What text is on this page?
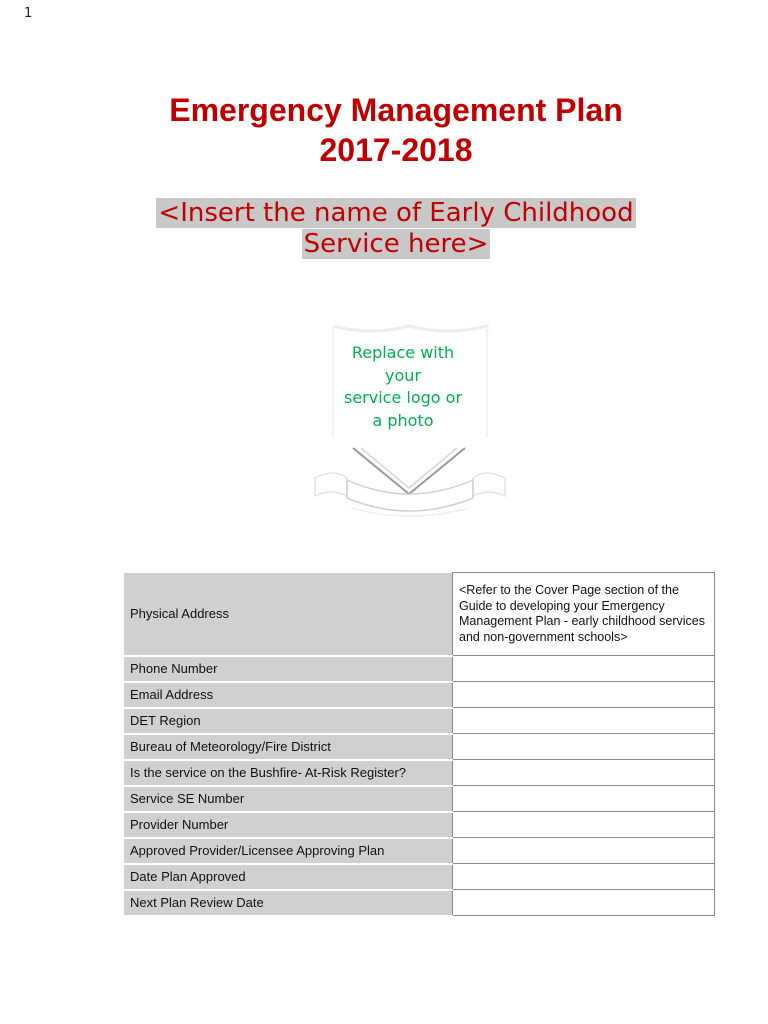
1
Emergency Management Plan
2017-2018
<Insert the name of Early Childhood
Service here>
Replace with
your
service logo or
a photo
Physical Address	<Refer to the Cover Page section of the Guide to developing your Emergency Management Plan - early childhood services and non-government schools>
Phone Number	
Email Address	
DET Region	
Bureau of Meteorology/Fire District	
Is the service on the Bushfire- At-Risk Register?	
Service SE Number	
Provider Number	
Approved Provider/Licensee Approving Plan	
Date Plan Approved	
Next Plan Review Date	
